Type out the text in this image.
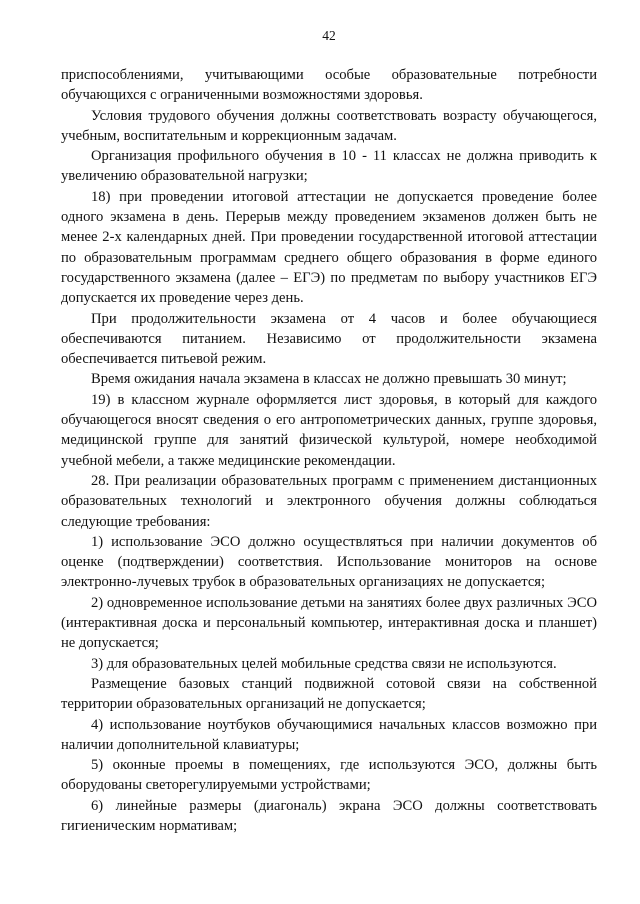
42

приспособлениями, учитывающими особые образовательные потребности обучающихся с ограниченными возможностями здоровья.

Условия трудового обучения должны соответствовать возрасту обучающегося, учебным, воспитательным и коррекционным задачам.

Организация профильного обучения в 10 - 11 классах не должна приводить к увеличению образовательной нагрузки;

18) при проведении итоговой аттестации не допускается проведение более одного экзамена в день. Перерыв между проведением экзаменов должен быть не менее 2-х календарных дней. При проведении государственной итоговой аттестации по образовательным программам среднего общего образования в форме единого государственного экзамена (далее – ЕГЭ) по предметам по выбору участников ЕГЭ допускается их проведение через день.

При продолжительности экзамена от 4 часов и более обучающиеся обеспечиваются питанием. Независимо от продолжительности экзамена обеспечивается питьевой режим.

Время ожидания начала экзамена в классах не должно превышать 30 минут;

19) в классном журнале оформляется лист здоровья, в который для каждого обучающегося вносят сведения о его антропометрических данных, группе здоровья, медицинской группе для занятий физической культурой, номере необходимой учебной мебели, а также медицинские рекомендации.

28. При реализации образовательных программ с применением дистанционных образовательных технологий и электронного обучения должны соблюдаться следующие требования:

1) использование ЭСО должно осуществляться при наличии документов об оценке (подтверждении) соответствия. Использование мониторов на основе электронно-лучевых трубок в образовательных организациях не допускается;

2) одновременное использование детьми на занятиях более двух различных ЭСО (интерактивная доска и персональный компьютер, интерактивная доска и планшет) не допускается;

3) для образовательных целей мобильные средства связи не используются.

Размещение базовых станций подвижной сотовой связи на собственной территории образовательных организаций не допускается;

4) использование ноутбуков обучающимися начальных классов возможно при наличии дополнительной клавиатуры;

5) оконные проемы в помещениях, где используются ЭСО, должны быть оборудованы светорегулируемыми устройствами;

6) линейные размеры (диагональ) экрана ЭСО должны соответствовать гигиеническим нормативам;
